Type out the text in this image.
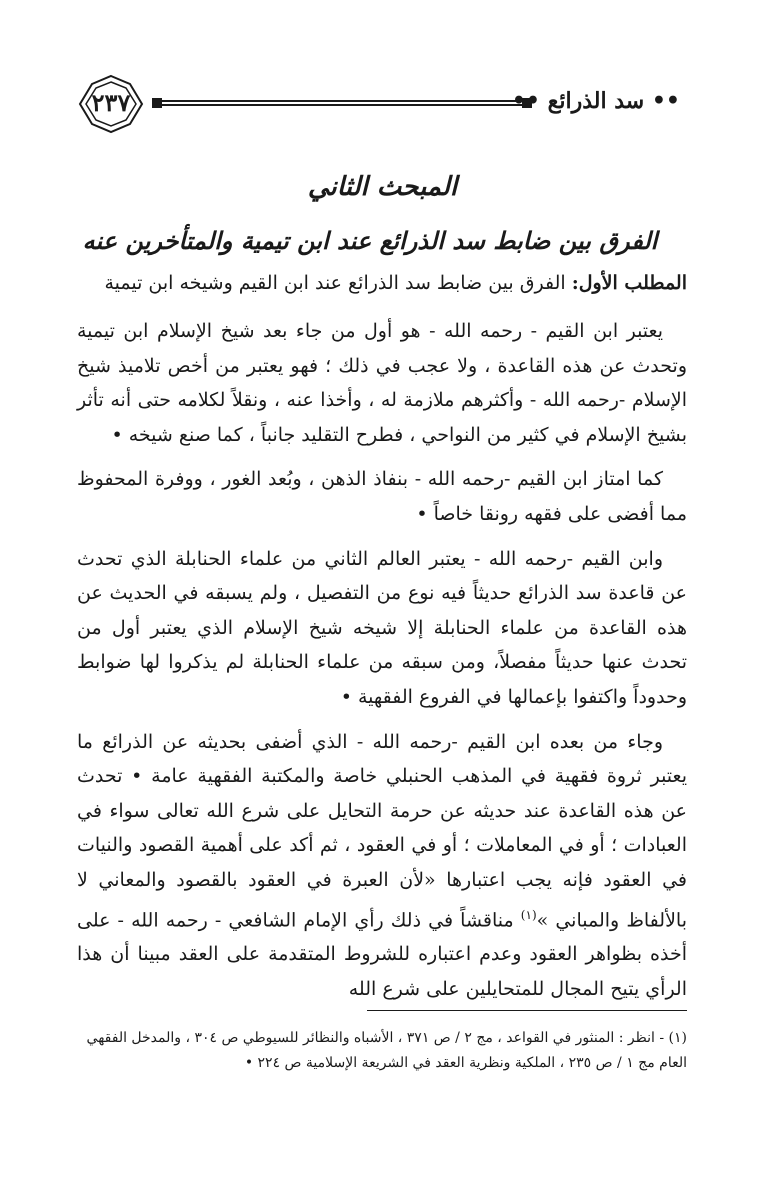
٢٣٧	•• سد الذرائع ••
المبحث الثاني
الفرق بين ضابط سد الذرائع عند ابن تيمية والمتأخرين عنه
المطلب الأول: الفرق بين ضابط سد الذرائع عند ابن القيم وشيخه ابن تيمية

يعتبر ابن القيم - رحمه الله - هو أول من جاء بعد شيخ الإسلام ابن تيمية وتحدث عن هذه القاعدة ، ولا عجب في ذلك ؛ فهو يعتبر من أخص تلاميذ شيخ الإسلام -رحمه الله - وأكثرهم ملازمة له ، وأخذا عنه ، ونقلاً لكلامه حتى أنه تأثر بشيخ الإسلام في كثير من النواحي ، فطرح التقليد جانباً ، كما صنع شيخه •

كما امتاز ابن القيم -رحمه الله - بنفاذ الذهن ، وبُعد الغور ، ووفرة المحفوظ مما أفضى على فقهه رونقا خاصاً •

وابن القيم -رحمه الله - يعتبر العالم الثاني من علماء الحنابلة الذي تحدث عن قاعدة سد الذرائع حديثاً فيه نوع من التفصيل ، ولم يسبقه في الحديث عن هذه القاعدة من علماء الحنابلة إلا شيخه شيخ الإسلام الذي يعتبر أول من تحدث عنها حديثاً مفصلاً، ومن سبقه من علماء الحنابلة لم يذكروا لها ضوابط وحدوداً واكتفوا بإعمالها في الفروع الفقهية •

وجاء من بعده ابن القيم -رحمه الله - الذي أضفى بحديثه عن الذرائع ما يعتبر ثروة فقهية في المذهب الحنبلي خاصة والمكتبة الفقهية عامة • تحدث عن هذه القاعدة عند حديثه عن حرمة التحايل على شرع الله تعالى سواء في العبادات ؛ أو في المعاملات ؛ أو في العقود ، ثم أكد على أهمية القصود والنيات في العقود فإنه يجب اعتبارها «لأن العبرة في العقود بالقصود والمعاني لا بالألفاظ والمباني »$^{(١)}$ مناقشاً في ذلك رأي الإمام الشافعي - رحمه الله - على أخذه بظواهر العقود وعدم اعتباره للشروط المتقدمة على العقد مبينا أن هذا الرأي يتيح المجال للمتحايلين على شرع الله

(١) - انظر : المنثور في القواعد ، مج ٢ / ص ٣٧١ ، الأشباه والنظائر للسيوطي ص ٣٠٤ ، والمدخل الفقهي العام مج ١ / ص ٢٣٥ ، الملكية ونظرية العقد في الشريعة الإسلامية ص ٢٢٤ •
